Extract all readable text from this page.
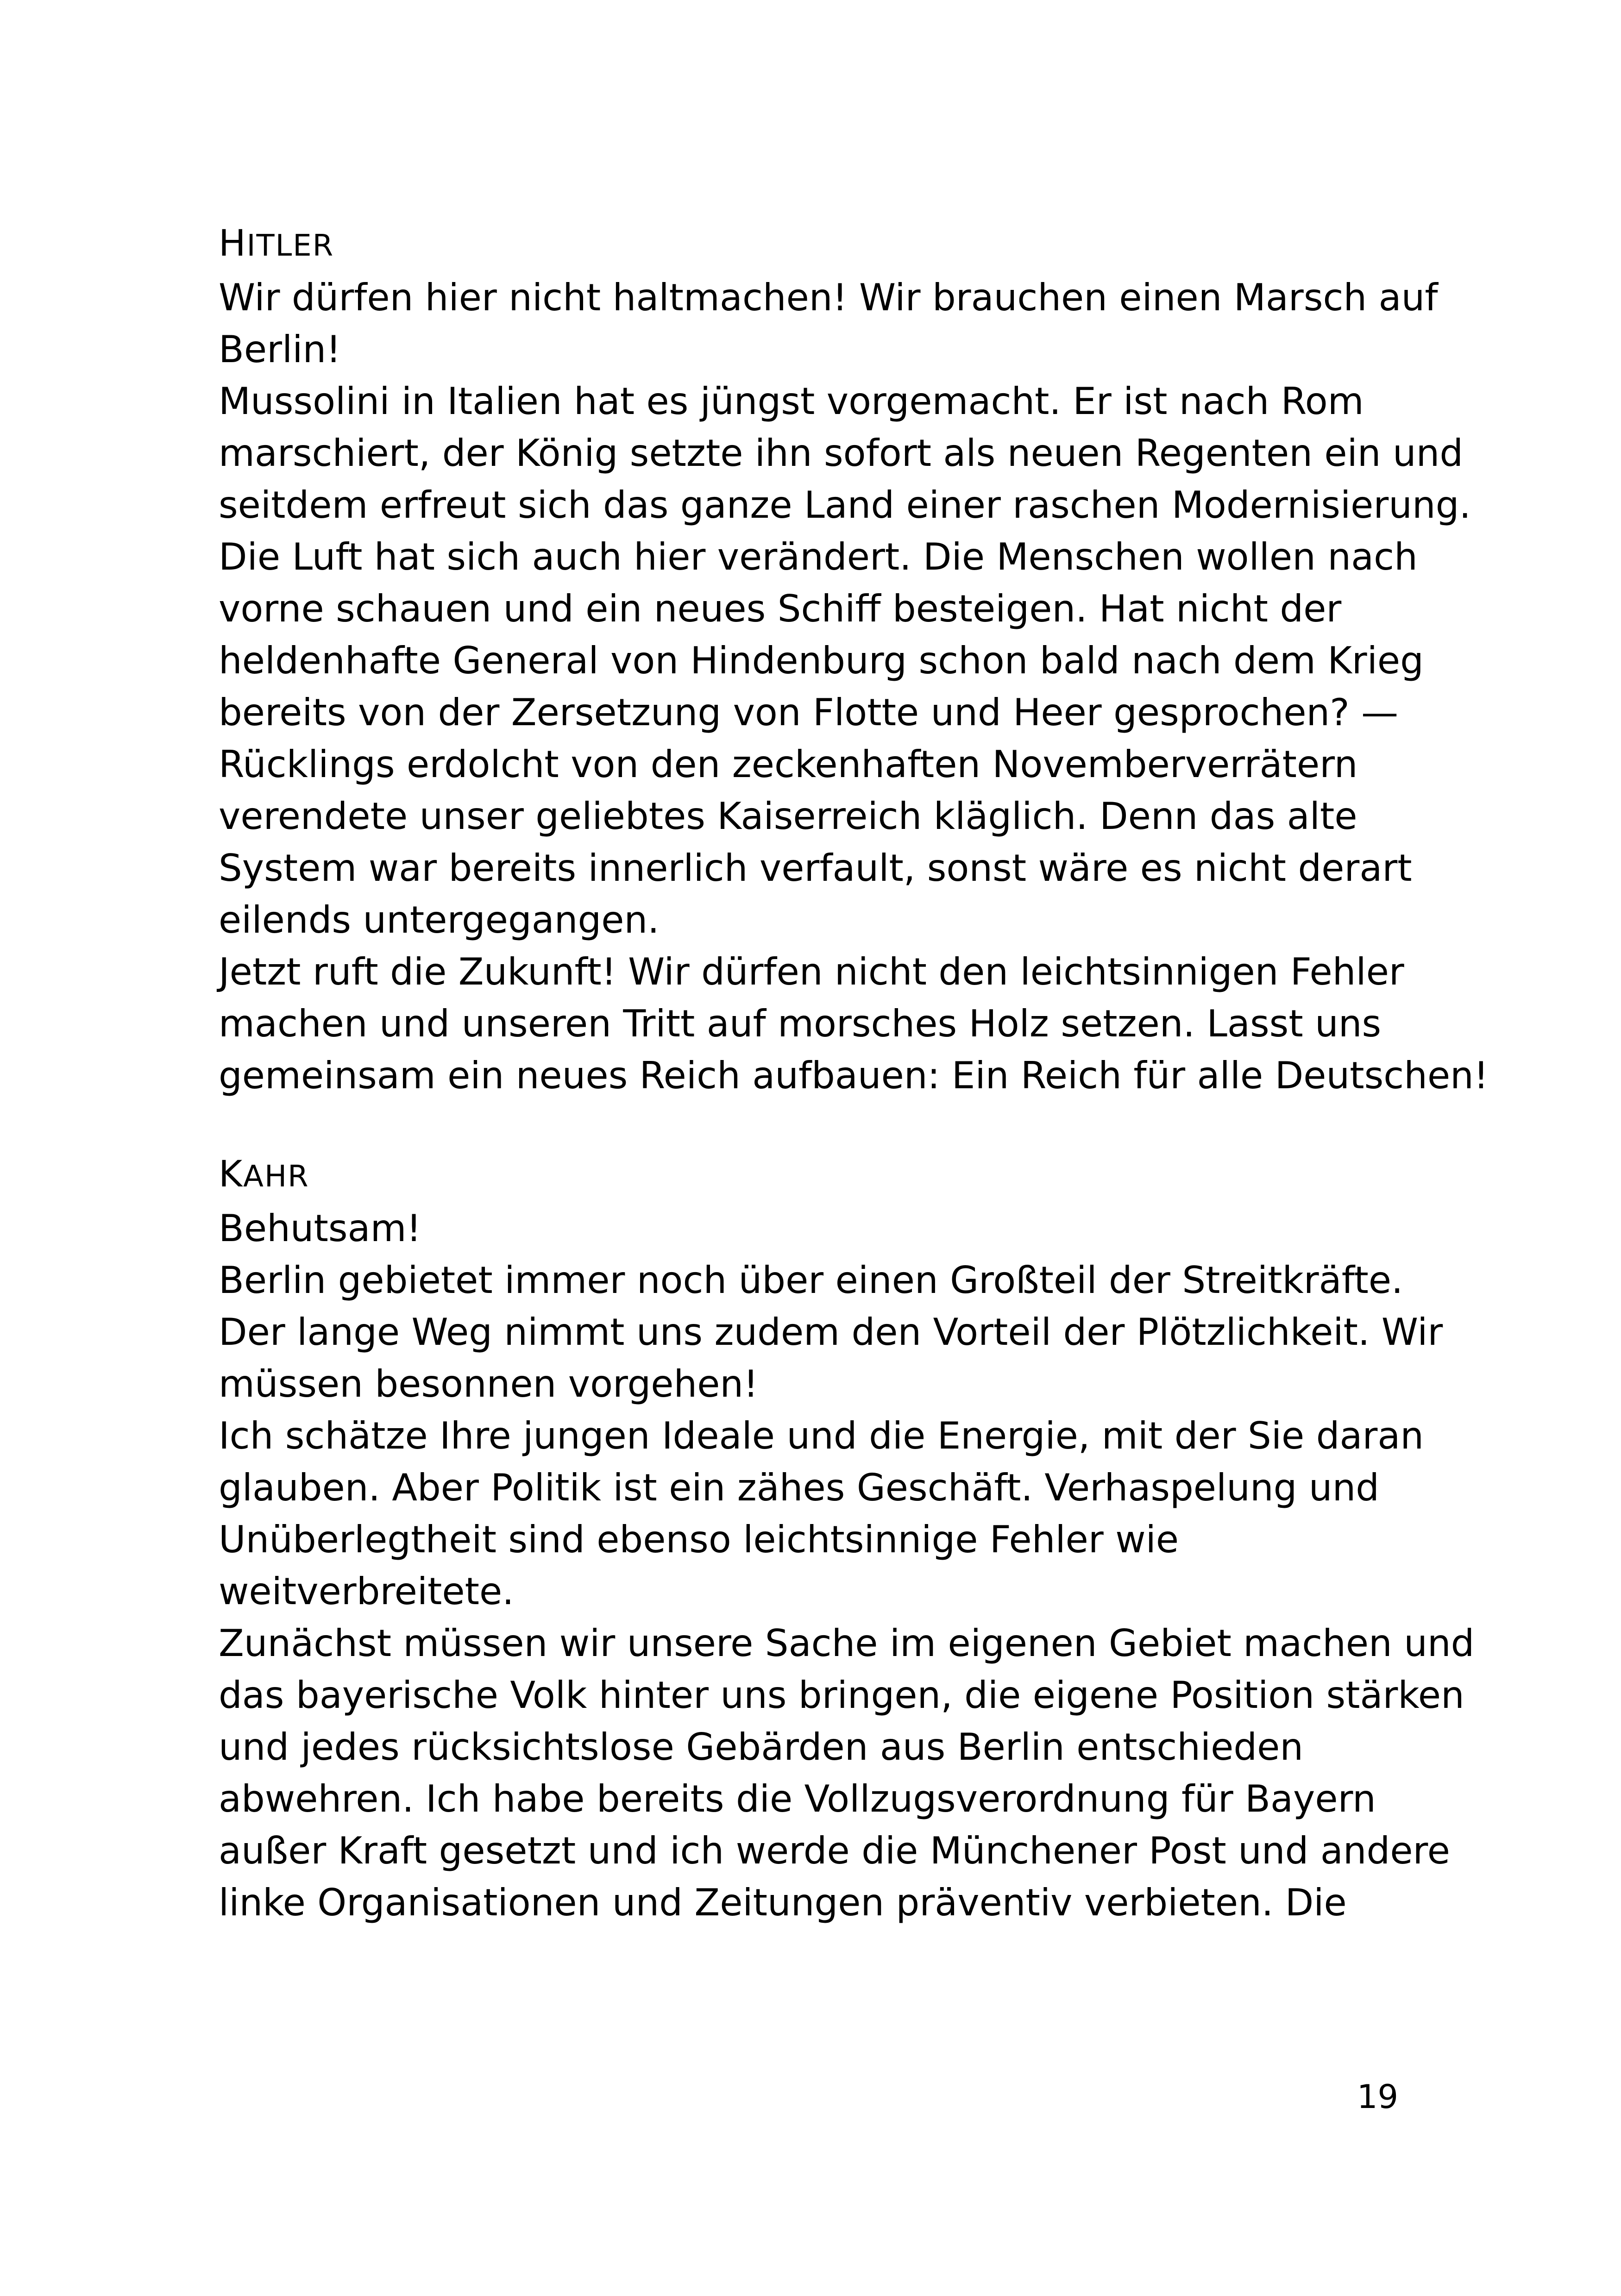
HITLER

Wir dürfen hier nicht haltmachen! Wir brauchen einen Marsch auf
Berlin!
Mussolini in Italien hat es jüngst vorgemacht. Er ist nach Rom
marschiert, der König setzte ihn sofort als neuen Regenten ein und
seitdem erfreut sich das ganze Land einer raschen Modernisierung.
Die Luft hat sich auch hier verändert. Die Menschen wollen nach
vorne schauen und ein neues Schiff besteigen. Hat nicht der
heldenhafte General von Hindenburg schon bald nach dem Krieg
bereits von der Zersetzung von Flotte und Heer gesprochen? —
Rücklings erdolcht von den zeckenhaften Novemberverrätern
verendete unser geliebtes Kaiserreich kläglich. Denn das alte
System war bereits innerlich verfault, sonst wäre es nicht derart
eilends untergegangen.
Jetzt ruft die Zukunft! Wir dürfen nicht den leichtsinnigen Fehler
machen und unseren Tritt auf morsches Holz setzen. Lasst uns
gemeinsam ein neues Reich aufbauen: Ein Reich für alle Deutschen!

KAHR

Behutsam!
Berlin gebietet immer noch über einen Großteil der Streitkräfte.
Der lange Weg nimmt uns zudem den Vorteil der Plötzlichkeit. Wir
müssen besonnen vorgehen!
Ich schätze Ihre jungen Ideale und die Energie, mit der Sie daran
glauben. Aber Politik ist ein zähes Geschäft. Verhaspelung und
Unüberlegtheit sind ebenso leichtsinnige Fehler wie
weitverbreitete.
Zunächst müssen wir unsere Sache im eigenen Gebiet machen und
das bayerische Volk hinter uns bringen, die eigene Position stärken
und jedes rücksichtslose Gebärden aus Berlin entschieden
abwehren. Ich habe bereits die Vollzugsverordnung für Bayern
außer Kraft gesetzt und ich werde die Münchener Post und andere
linke Organisationen und Zeitungen präventiv verbieten. Die

19
